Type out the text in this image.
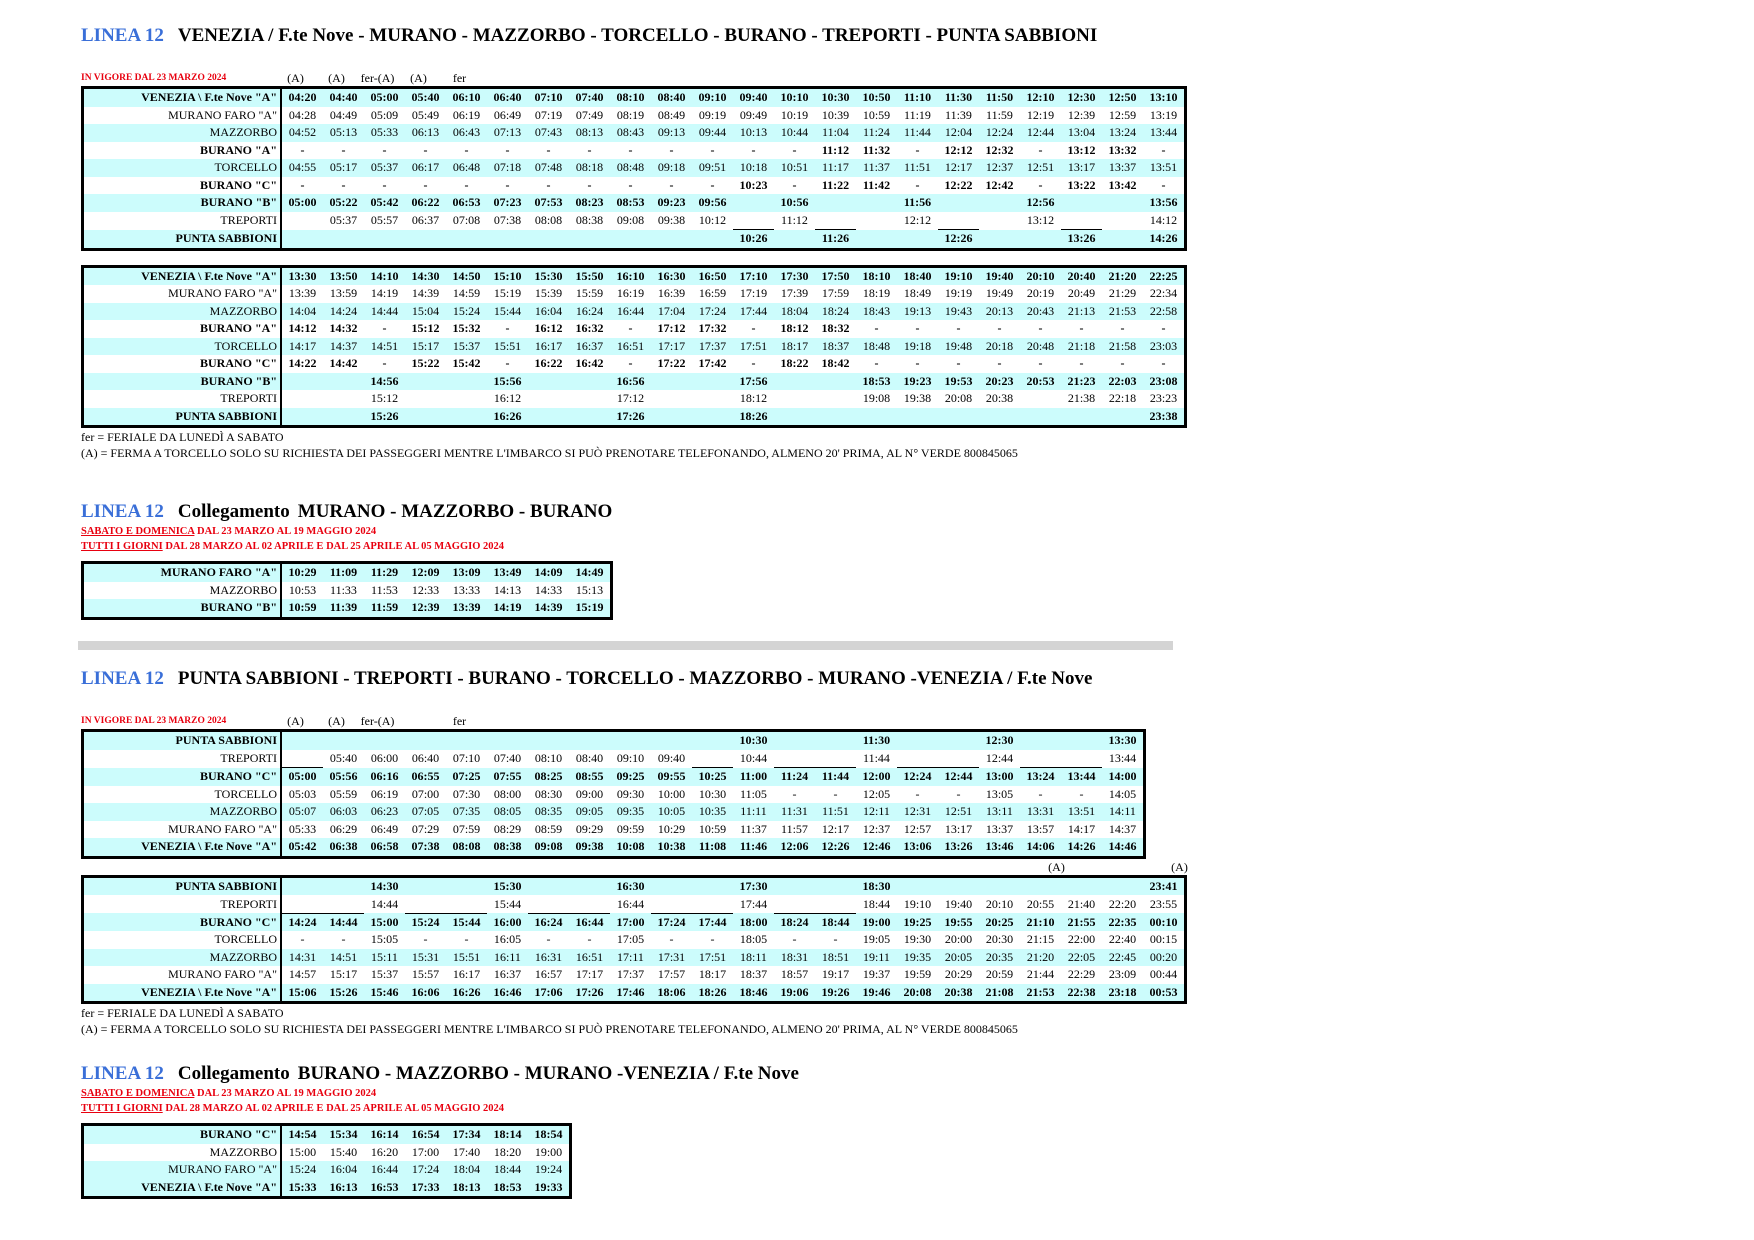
LINEA 12 VENEZIA / F.te Nove - MURANO - MAZZORBO - TORCELLO - BURANO - TREPORTI - PUNTA SABBIONI
IN VIGORE DAL 23 MARZO 2024	(A)	(A)	fer-(A)	(A)	fer
VENEZIA \ F.te Nove "A"	04:20	04:40	05:00	05:40	06:10	06:40	07:10	07:40	08:10	08:40	09:10	09:40	10:10	10:30	10:50	11:10	11:30	11:50	12:10	12:30	12:50	13:10
MURANO FARO "A"	04:28	04:49	05:09	05:49	06:19	06:49	07:19	07:49	08:19	08:49	09:19	09:49	10:19	10:39	10:59	11:19	11:39	11:59	12:19	12:39	12:59	13:19
MAZZORBO	04:52	05:13	05:33	06:13	06:43	07:13	07:43	08:13	08:43	09:13	09:44	10:13	10:44	11:04	11:24	11:44	12:04	12:24	12:44	13:04	13:24	13:44
BURANO "A"	-	-	-	-	-	-	-	-	-	-	-	-	-	11:12	11:32	-	12:12	12:32	-	13:12	13:32	-
TORCELLO	04:55	05:17	05:37	06:17	06:48	07:18	07:48	08:18	08:48	09:18	09:51	10:18	10:51	11:17	11:37	11:51	12:17	12:37	12:51	13:17	13:37	13:51
BURANO "C"	-	-	-	-	-	-	-	-	-	-	-	10:23	-	11:22	11:42	-	12:22	12:42	-	13:22	13:42	-
BURANO "B"	05:00	05:22	05:42	06:22	06:53	07:23	07:53	08:23	08:53	09:23	09:56		10:56			11:56			12:56			13:56
TREPORTI		05:37	05:57	06:37	07:08	07:38	08:08	08:38	09:08	09:38	10:12		11:12			12:12			13:12			14:12
PUNTA SABBIONI												10:26		11:26			12:26			13:26		14:26
VENEZIA \ F.te Nove "A"	13:30	13:50	14:10	14:30	14:50	15:10	15:30	15:50	16:10	16:30	16:50	17:10	17:30	17:50	18:10	18:40	19:10	19:40	20:10	20:40	21:20	22:25
MURANO FARO "A"	13:39	13:59	14:19	14:39	14:59	15:19	15:39	15:59	16:19	16:39	16:59	17:19	17:39	17:59	18:19	18:49	19:19	19:49	20:19	20:49	21:29	22:34
MAZZORBO	14:04	14:24	14:44	15:04	15:24	15:44	16:04	16:24	16:44	17:04	17:24	17:44	18:04	18:24	18:43	19:13	19:43	20:13	20:43	21:13	21:53	22:58
BURANO "A"	14:12	14:32	-	15:12	15:32	-	16:12	16:32	-	17:12	17:32	-	18:12	18:32	-	-	-	-	-	-	-	-
TORCELLO	14:17	14:37	14:51	15:17	15:37	15:51	16:17	16:37	16:51	17:17	17:37	17:51	18:17	18:37	18:48	19:18	19:48	20:18	20:48	21:18	21:58	23:03
BURANO "C"	14:22	14:42	-	15:22	15:42	-	16:22	16:42	-	17:22	17:42	-	18:22	18:42	-	-	-	-	-	-	-	-
BURANO "B"			14:56			15:56			16:56			17:56			18:53	19:23	19:53	20:23	20:53	21:23	22:03	23:08
TREPORTI			15:12			16:12			17:12			18:12			19:08	19:38	20:08	20:38		21:38	22:18	23:23
PUNTA SABBIONI			15:26			16:26			17:26			18:26										23:38
fer = FERIALE DA LUNEDÌ A SABATO
(A) = FERMA A TORCELLO SOLO SU RICHIESTA DEI PASSEGGERI MENTRE L'IMBARCO SI PUÒ PRENOTARE TELEFONANDO, ALMENO 20' PRIMA, AL N° VERDE 800845065
LINEA 12 Collegamento MURANO - MAZZORBO - BURANO
SABATO E DOMENICA DAL 23 MARZO AL 19 MAGGIO 2024
TUTTI I GIORNI DAL 28 MARZO AL 02 APRILE E DAL 25 APRILE AL 05 MAGGIO 2024
MURANO FARO "A"	10:29	11:09	11:29	12:09	13:09	13:49	14:09	14:49
MAZZORBO	10:53	11:33	11:53	12:33	13:33	14:13	14:33	15:13
BURANO "B"	10:59	11:39	11:59	12:39	13:39	14:19	14:39	15:19
LINEA 12 PUNTA SABBIONI - TREPORTI - BURANO - TORCELLO - MAZZORBO - MURANO -VENEZIA / F.te Nove
IN VIGORE DAL 23 MARZO 2024	(A)	(A)	fer-(A)	fer
PUNTA SABBIONI												10:30			11:30			12:30			13:30
TREPORTI		05:40	06:00	06:40	07:10	07:40	08:10	08:40	09:10	09:40		10:44			11:44			12:44			13:44
BURANO "C"	05:00	05:56	06:16	06:55	07:25	07:55	08:25	08:55	09:25	09:55	10:25	11:00	11:24	11:44	12:00	12:24	12:44	13:00	13:24	13:44	14:00
TORCELLO	05:03	05:59	06:19	07:00	07:30	08:00	08:30	09:00	09:30	10:00	10:30	11:05	-	-	12:05	-	-	13:05	-	-	14:05
MAZZORBO	05:07	06:03	06:23	07:05	07:35	08:05	08:35	09:05	09:35	10:05	10:35	11:11	11:31	11:51	12:11	12:31	12:51	13:11	13:31	13:51	14:11
MURANO FARO "A"	05:33	06:29	06:49	07:29	07:59	08:29	08:59	09:29	09:59	10:29	10:59	11:37	11:57	12:17	12:37	12:57	13:17	13:37	13:57	14:17	14:37
VENEZIA \ F.te Nove "A"	05:42	06:38	06:58	07:38	08:08	08:38	09:08	09:38	10:08	10:38	11:08	11:46	12:06	12:26	12:46	13:06	13:26	13:46	14:06	14:26	14:46
(A)	(A)
PUNTA SABBIONI			14:30			15:30			16:30			17:30			18:30							23:41
TREPORTI			14:44			15:44			16:44			17:44			18:44	19:10	19:40	20:10	20:55	21:40	22:20	23:55
BURANO "C"	14:24	14:44	15:00	15:24	15:44	16:00	16:24	16:44	17:00	17:24	17:44	18:00	18:24	18:44	19:00	19:25	19:55	20:25	21:10	21:55	22:35	00:10
TORCELLO	-	-	15:05	-	-	16:05	-	-	17:05	-	-	18:05	-	-	19:05	19:30	20:00	20:30	21:15	22:00	22:40	00:15
MAZZORBO	14:31	14:51	15:11	15:31	15:51	16:11	16:31	16:51	17:11	17:31	17:51	18:11	18:31	18:51	19:11	19:35	20:05	20:35	21:20	22:05	22:45	00:20
MURANO FARO "A"	14:57	15:17	15:37	15:57	16:17	16:37	16:57	17:17	17:37	17:57	18:17	18:37	18:57	19:17	19:37	19:59	20:29	20:59	21:44	22:29	23:09	00:44
VENEZIA \ F.te Nove "A"	15:06	15:26	15:46	16:06	16:26	16:46	17:06	17:26	17:46	18:06	18:26	18:46	19:06	19:26	19:46	20:08	20:38	21:08	21:53	22:38	23:18	00:53
fer = FERIALE DA LUNEDÌ A SABATO
(A) = FERMA A TORCELLO SOLO SU RICHIESTA DEI PASSEGGERI MENTRE L'IMBARCO SI PUÒ PRENOTARE TELEFONANDO, ALMENO 20' PRIMA, AL N° VERDE 800845065
LINEA 12 Collegamento BURANO - MAZZORBO - MURANO -VENEZIA / F.te Nove
SABATO E DOMENICA DAL 23 MARZO AL 19 MAGGIO 2024
TUTTI I GIORNI DAL 28 MARZO AL 02 APRILE E DAL 25 APRILE AL 05 MAGGIO 2024
BURANO "C"	14:54	15:34	16:14	16:54	17:34	18:14	18:54
MAZZORBO	15:00	15:40	16:20	17:00	17:40	18:20	19:00
MURANO FARO "A"	15:24	16:04	16:44	17:24	18:04	18:44	19:24
VENEZIA \ F.te Nove "A"	15:33	16:13	16:53	17:33	18:13	18:53	19:33
